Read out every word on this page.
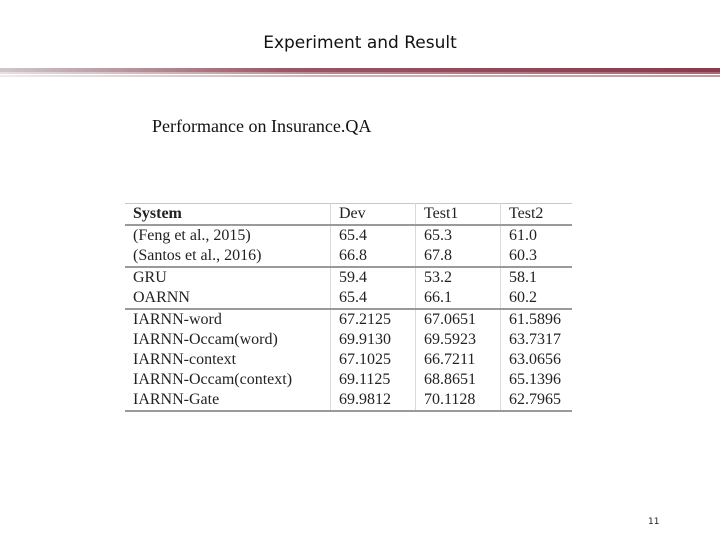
Experiment and Result
Performance on Insurance.QA
System	Dev	Test1	Test2
(Feng et al., 2015)	65.4	65.3	61.0
(Santos et al., 2016)	66.8	67.8	60.3
GRU	59.4	53.2	58.1
OARNN	65.4	66.1	60.2
IARNN-word	67.2125	67.0651	61.5896
IARNN-Occam(word)	69.9130	69.5923	63.7317
IARNN-context	67.1025	66.7211	63.0656
IARNN-Occam(context)	69.1125	68.8651	65.1396
IARNN-Gate	69.9812	70.1128	62.7965
11
